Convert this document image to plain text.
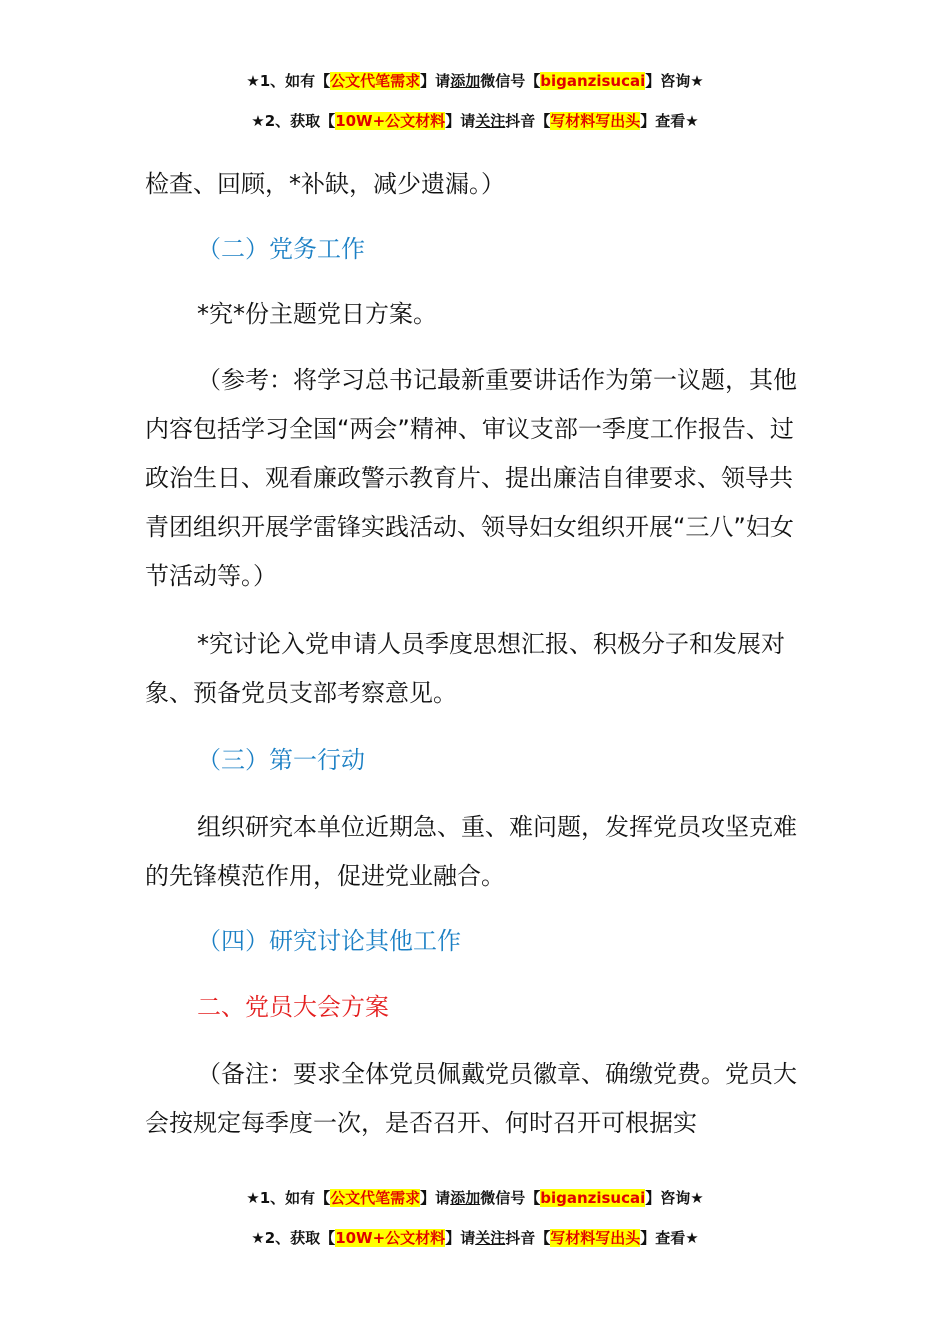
★1、如有【公文代笔需求】请添加微信号【biganzisucai】咨询★
★2、获取【10W+公文材料】请关注抖音【写材料写出头】查看★

检查、回顾，*补缺，减少遗漏。）

（二）党务工作

*究*份主题党日方案。

（参考：将学习总书记最新重要讲话作为第一议题，其他内容包括学习全国“两会”精神、审议支部一季度工作报告、过政治生日、观看廉政警示教育片、提出廉洁自律要求、领导共青团组织开展学雷锋实践活动、领导妇女组织开展“三八”妇女节活动等。）

*究讨论入党申请人员季度思想汇报、积极分子和发展对象、预备党员支部考察意见。

（三）第一行动

组织研究本单位近期急、重、难问题，发挥党员攻坚克难的先锋模范作用，促进党业融合。

（四）研究讨论其他工作

二、党员大会方案

（备注：要求全体党员佩戴党员徽章、确缴党费。党员大会按规定每季度一次，是否召开、何时召开可根据实

★1、如有【公文代笔需求】请添加微信号【biganzisucai】咨询★
★2、获取【10W+公文材料】请关注抖音【写材料写出头】查看★
